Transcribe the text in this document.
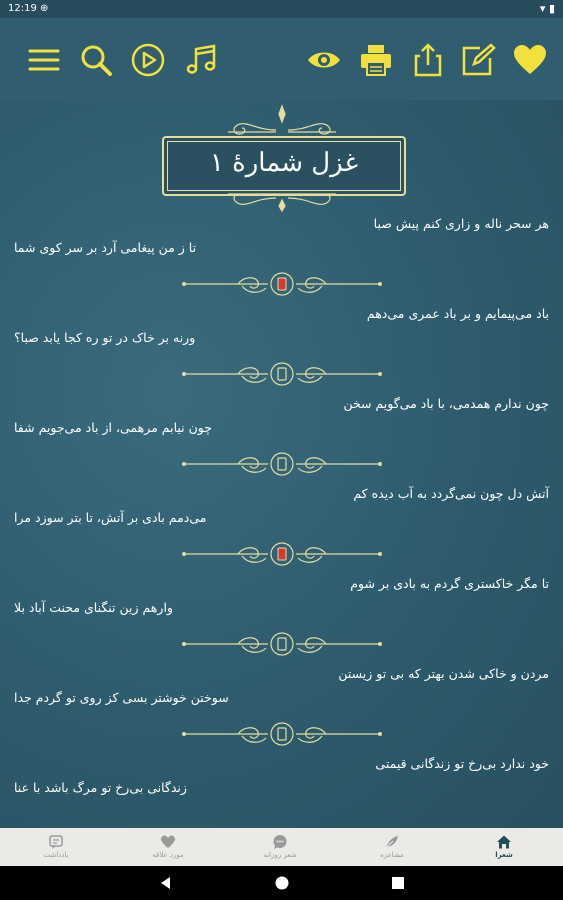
12:19 ⊕	▾ ▮
غزل شمارهٔ ۱
هر سحر ناله و زاری کنم پیش صبا
تا ز من پیغامی آرد بر سر کوی شما
باد می‌پیمایم و بر باد عمری می‌دهم
ورنه بر خاک در تو ره کجا یابد صبا؟
چون ندارم همدمی، با باد می‌گویم سخن
چون نیابم مرهمی، از باد می‌جویم شفا
آتش دل چون نمی‌گردد به آب دیده کم
می‌دمم بادی بر آتش، تا بتر سوزد مرا
تا مگر خاکستری گردم به بادی بر شوم
وارهم زین تنگنای محنت آباد بلا
مردن و خاکی شدن بهتر که بی تو زیستن
سوختن خوشتر بسی کز روی تو گردم جدا
خود ندارد بی‌رخ تو زندگانی قیمتی
زندگانی بی‌رخ تو مرگ باشد با عنا
یادداشت	مورد علاقه	شعر روزانه	مشاعره	شعرا
